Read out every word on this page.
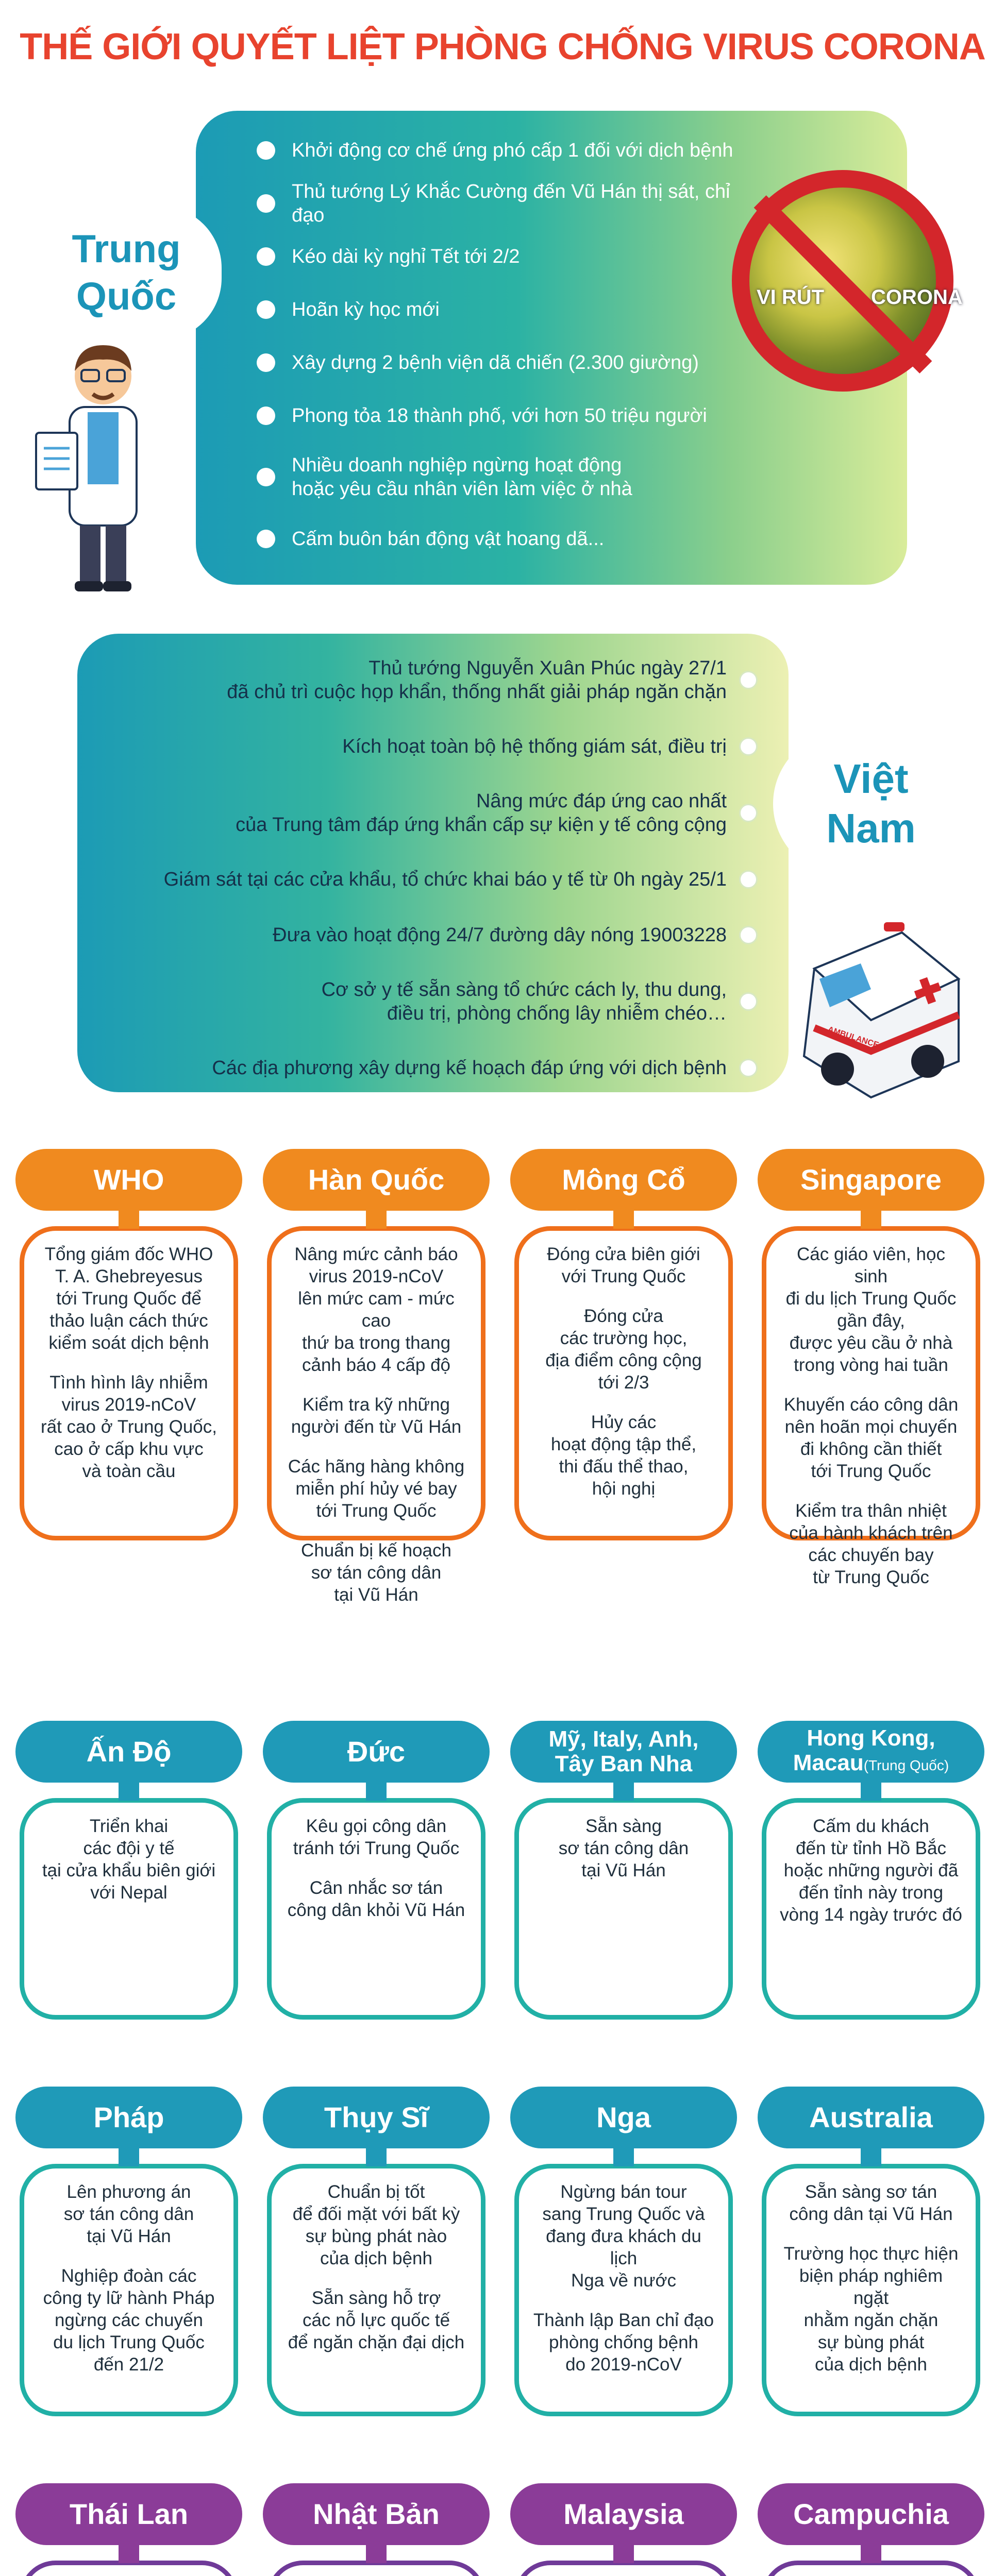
THẾ GIỚI QUYẾT LIỆT PHÒNG CHỐNG VIRUS CORONA
Trung
Quốc
Khởi động cơ chế ứng phó cấp 1 đối với dịch bệnh
Thủ tướng Lý Khắc Cường đến Vũ Hán thị sát, chỉ đạo
Kéo dài kỳ nghỉ Tết tới 2/2
Hoãn kỳ học mới
Xây dựng 2 bệnh viện dã chiến (2.300 giường)
Phong tỏa 18 thành phố, với hơn 50 triệu người
Nhiều doanh nghiệp ngừng hoạt động
hoặc yêu cầu nhân viên làm việc ở nhà
Cấm buôn bán động vật hoang dã...
VI RÚT CORONA
Thủ tướng Nguyễn Xuân Phúc ngày 27/1
đã chủ trì cuộc họp khẩn, thống nhất giải pháp ngăn chặn
Kích hoạt toàn bộ hệ thống giám sát, điều trị
Nâng mức đáp ứng cao nhất
của Trung tâm đáp ứng khẩn cấp sự kiện y tế công cộng
Giám sát tại các cửa khẩu, tổ chức khai báo y tế từ 0h ngày 25/1
Đưa vào hoạt động 24/7 đường dây nóng 19003228
Cơ sở y tế sẵn sàng tổ chức cách ly, thu dung,
điều trị, phòng chống lây nhiễm chéo…
Các địa phương xây dựng kế hoạch đáp ứng với dịch bệnh
Việt
Nam
AMBULANCE
WHO

Tổng giám đốc WHO
T. A. Ghebreyesus
tới Trung Quốc để
thảo luận cách thức
kiểm soát dịch bệnh

Tình hình lây nhiễm
virus 2019-nCoV
rất cao ở Trung Quốc,
cao ở cấp khu vực
và toàn cầu

Hàn Quốc

Nâng mức cảnh báo
virus 2019-nCoV
lên mức cam - mức cao
thứ ba trong thang
cảnh báo 4 cấp độ

Kiểm tra kỹ những
người đến từ Vũ Hán

Các hãng hàng không
miễn phí hủy vé bay
tới Trung Quốc

Chuẩn bị kế hoạch
sơ tán công dân
tại Vũ Hán

Mông Cổ

Đóng cửa biên giới
với Trung Quốc

Đóng cửa
các trường học,
địa điểm công cộng
tới 2/3

Hủy các
hoạt động tập thể,
thi đấu thể thao,
hội nghị

Singapore

Các giáo viên, học sinh
đi du lịch Trung Quốc
gần đây,
được yêu cầu ở nhà
trong vòng hai tuần

Khuyến cáo công dân
nên hoãn mọi chuyến
đi không cần thiết
tới Trung Quốc

Kiểm tra thân nhiệt
của hành khách trên
các chuyến bay
từ Trung Quốc

Ấn Độ

Triển khai
các đội y tế
tại cửa khẩu biên giới
với Nepal

Đức

Kêu gọi công dân
tránh tới Trung Quốc

Cân nhắc sơ tán
công dân khỏi Vũ Hán

Mỹ, Italy, Anh,
Tây Ban Nha

Sẵn sàng
sơ tán công dân
tại Vũ Hán

Hong Kong,
Macau(Trung Quốc)

Cấm du khách
đến từ tỉnh Hồ Bắc
hoặc những người đã
đến tỉnh này trong
vòng 14 ngày trước đó

Pháp

Lên phương án
sơ tán công dân
tại Vũ Hán

Nghiệp đoàn các
công ty lữ hành Pháp
ngừng các chuyến
du lịch Trung Quốc
đến 21/2

Thụy Sĩ

Chuẩn bị tốt
để đối mặt với bất kỳ
sự bùng phát nào
của dịch bệnh

Sẵn sàng hỗ trợ
các nỗ lực quốc tế
để ngăn chặn đại dịch

Nga

Ngừng bán tour
sang Trung Quốc và
đang đưa khách du lịch
Nga về nước

Thành lập Ban chỉ đạo
phòng chống bệnh
do 2019-nCoV

Australia

Sẵn sàng sơ tán
công dân tại Vũ Hán

Trường học thực hiện
biện pháp nghiêm ngặt
nhằm ngăn chặn
sự bùng phát
của dịch bệnh

Thái Lan	Nhật Bản	Malaysia	Campuchia
